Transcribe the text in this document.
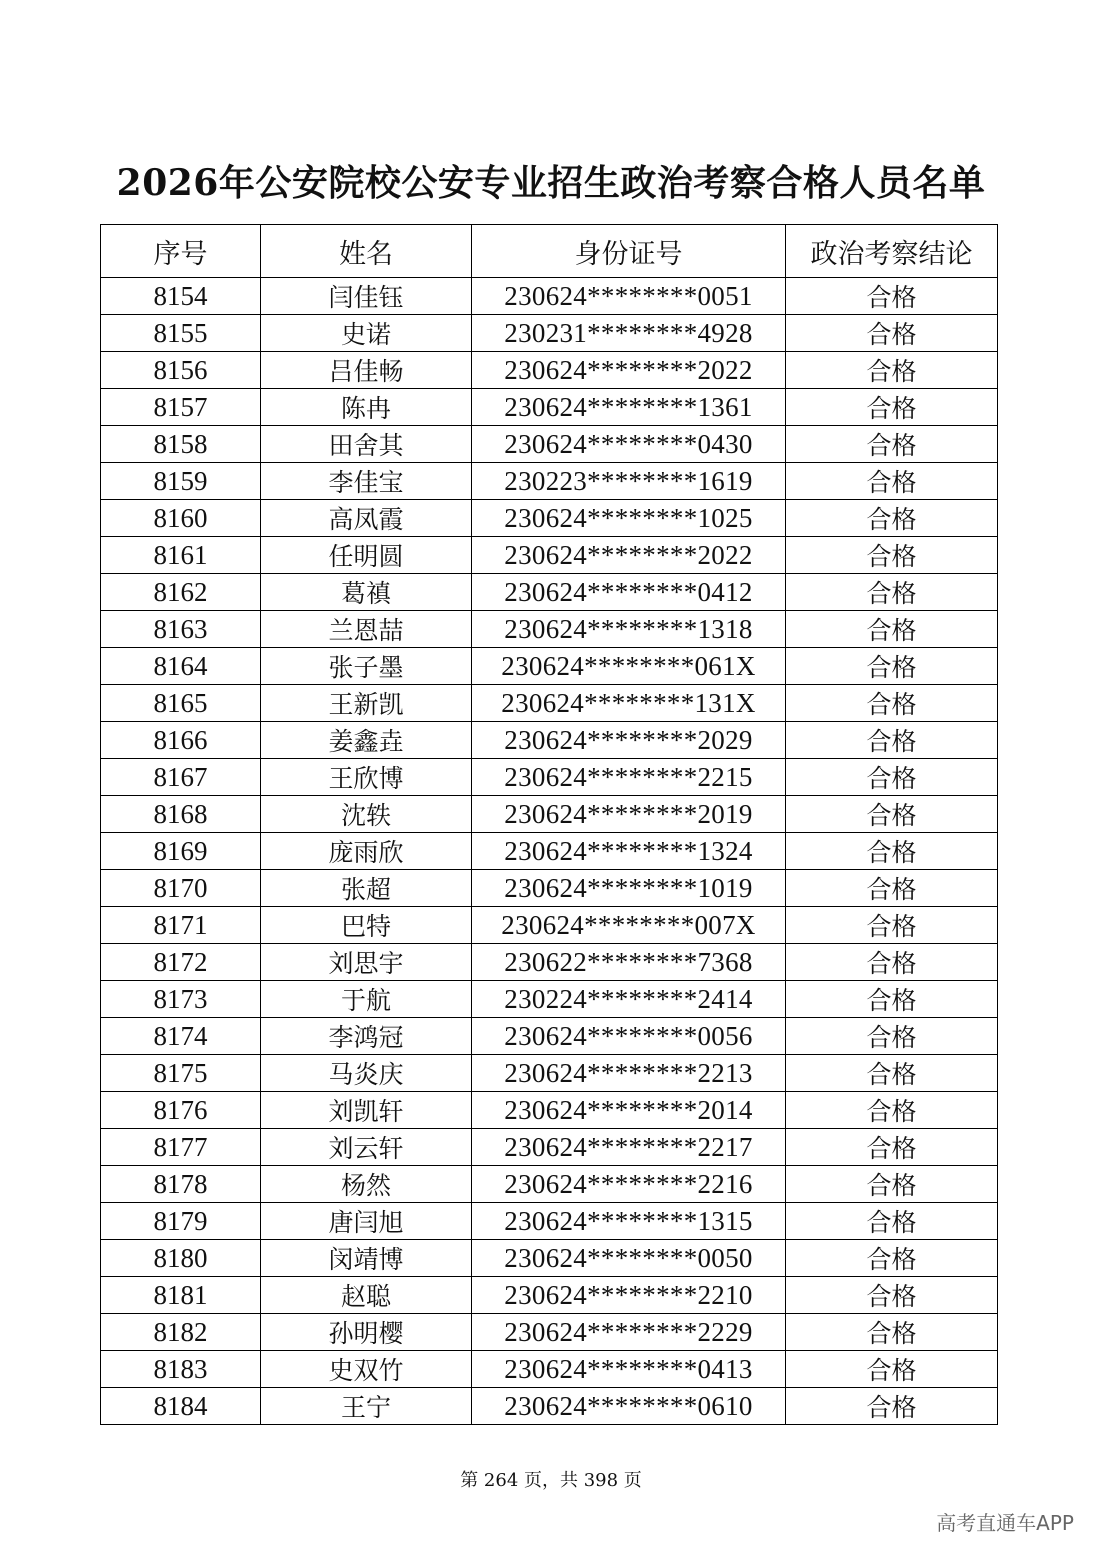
2026年公安院校公安专业招生政治考察合格人员名单
序号	姓名	身份证号	政治考察结论
8154	闫佳钰	230624********0051	合格
8155	史诺	230231********4928	合格
8156	吕佳畅	230624********2022	合格
8157	陈冉	230624********1361	合格
8158	田舍其	230624********0430	合格
8159	李佳宝	230223********1619	合格
8160	高凤霞	230624********1025	合格
8161	任明圆	230624********2022	合格
8162	葛禛	230624********0412	合格
8163	兰恩喆	230624********1318	合格
8164	张子墨	230624********061X	合格
8165	王新凯	230624********131X	合格
8166	姜鑫垚	230624********2029	合格
8167	王欣博	230624********2215	合格
8168	沈轶	230624********2019	合格
8169	庞雨欣	230624********1324	合格
8170	张超	230624********1019	合格
8171	巴特	230624********007X	合格
8172	刘思宇	230622********7368	合格
8173	于航	230224********2414	合格
8174	李鸿冠	230624********0056	合格
8175	马炎庆	230624********2213	合格
8176	刘凯轩	230624********2014	合格
8177	刘云轩	230624********2217	合格
8178	杨然	230624********2216	合格
8179	唐闫旭	230624********1315	合格
8180	闵靖博	230624********0050	合格
8181	赵聪	230624********2210	合格
8182	孙明樱	230624********2229	合格
8183	史双竹	230624********0413	合格
8184	王宁	230624********0610	合格
第 264 页，共 398 页
高考直通车APP
